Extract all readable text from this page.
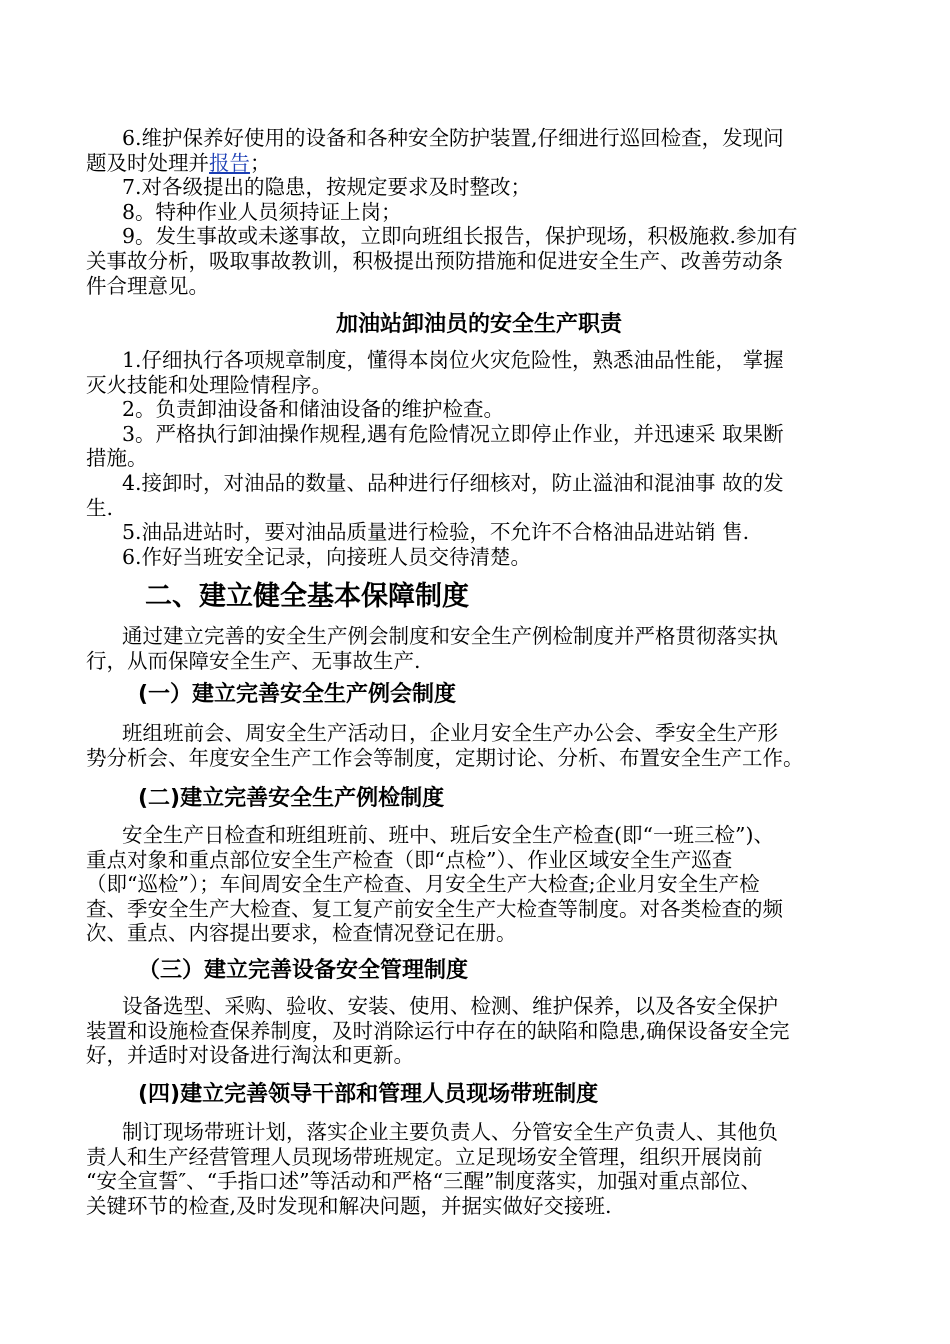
6.维护保养好使用的设备和各种安全防护装置,仔细进行巡回检查，发现问
题及时处理并报告；
7.对各级提出的隐患，按规定要求及时整改；
8。特种作业人员须持证上岗；
9。发生事故或未遂事故，立即向班组长报告，保护现场，积极施救.参加有
关事故分析，吸取事故教训，积极提出预防措施和促进安全生产、改善劳动条
件合理意见。
加油站卸油员的安全生产职责
1.仔细执行各项规章制度，懂得本岗位火灾危险性，熟悉油品性能， 掌握
灭火技能和处理险情程序。
2。负责卸油设备和储油设备的维护检查。
3。严格执行卸油操作规程,遇有危险情况立即停止作业，并迅速采 取果断
措施。
4.接卸时，对油品的数量、品种进行仔细核对，防止溢油和混油事 故的发
生.
5.油品进站时，要对油品质量进行检验，不允许不合格油品进站销 售.
6.作好当班安全记录，向接班人员交待清楚。
二、建立健全基本保障制度
通过建立完善的安全生产例会制度和安全生产例检制度并严格贯彻落实执
行，从而保障安全生产、无事故生产.
(一）建立完善安全生产例会制度
班组班前会、周安全生产活动日，企业月安全生产办公会、季安全生产形
势分析会、年度安全生产工作会等制度，定期讨论、分析、布置安全生产工作。
(二)建立完善安全生产例检制度
安全生产日检查和班组班前、班中、班后安全生产检查(即“一班三检”)、
重点对象和重点部位安全生产检查（即“点检”）、作业区域安全生产巡查
（即“巡检”）；车间周安全生产检查、月安全生产大检查;企业月安全生产检
查、季安全生产大检查、复工复产前安全生产大检查等制度。对各类检查的频
次、重点、内容提出要求，检查情况登记在册。
（三）建立完善设备安全管理制度
设备选型、采购、验收、安装、使用、检测、维护保养，以及各安全保护
装置和设施检查保养制度，及时消除运行中存在的缺陷和隐患,确保设备安全完
好，并适时对设备进行淘汰和更新。
(四)建立完善领导干部和管理人员现场带班制度
制订现场带班计划，落实企业主要负责人、分管安全生产负责人、其他负
责人和生产经营管理人员现场带班规定。立足现场安全管理，组织开展岗前
“安全宣誓″、“手指口述”等活动和严格“三醒”制度落实，加强对重点部位、
关键环节的检查,及时发现和解决问题，并据实做好交接班.
